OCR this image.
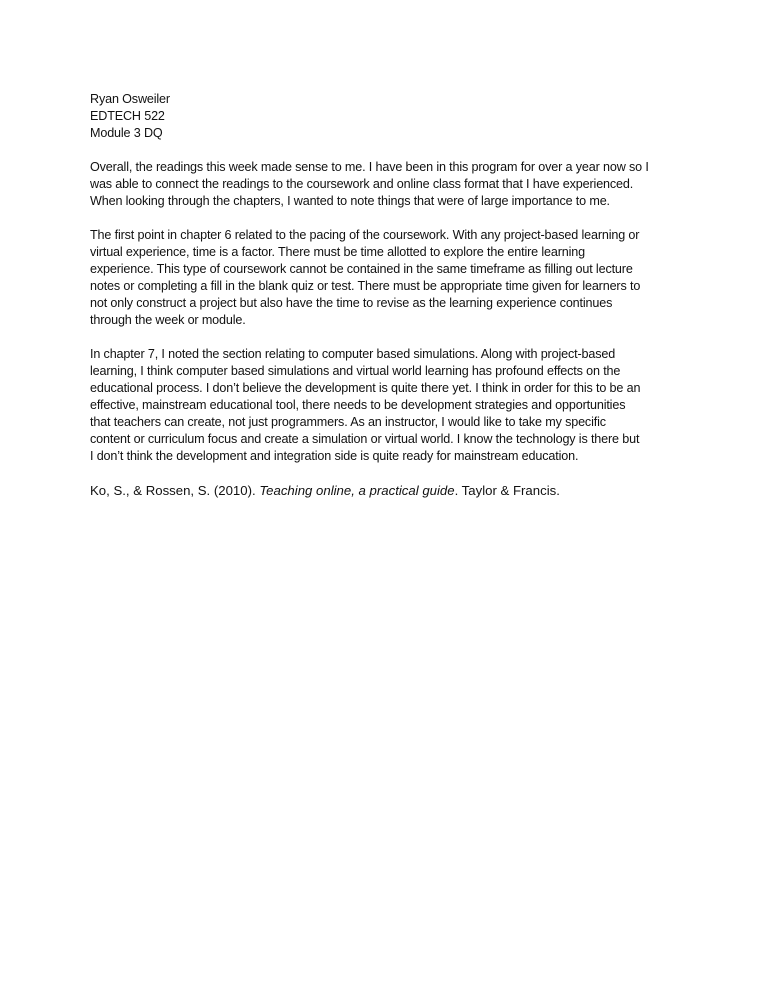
Ryan Osweiler

EDTECH 522

Module 3 DQ

Overall, the readings this week made sense to me. I have been in this program for over a year now so I
was able to connect the readings to the coursework and online class format that I have experienced.
When looking through the chapters, I wanted to note things that were of large importance to me.
The first point in chapter 6 related to the pacing of the coursework. With any project-based learning or
virtual experience, time is a factor. There must be time allotted to explore the entire learning
experience. This type of coursework cannot be contained in the same timeframe as filling out lecture
notes or completing a fill in the blank quiz or test. There must be appropriate time given for learners to
not only construct a project but also have the time to revise as the learning experience continues
through the week or module.
In chapter 7, I noted the section relating to computer based simulations. Along with project-based
learning, I think computer based simulations and virtual world learning has profound effects on the
educational process. I don’t believe the development is quite there yet. I think in order for this to be an
effective, mainstream educational tool, there needs to be development strategies and opportunities
that teachers can create, not just programmers. As an instructor, I would like to take my specific
content or curriculum focus and create a simulation or virtual world. I know the technology is there but
I don’t think the development and integration side is quite ready for mainstream education.
Ko, S., & Rossen, S. (2010). Teaching online, a practical guide. Taylor & Francis.
